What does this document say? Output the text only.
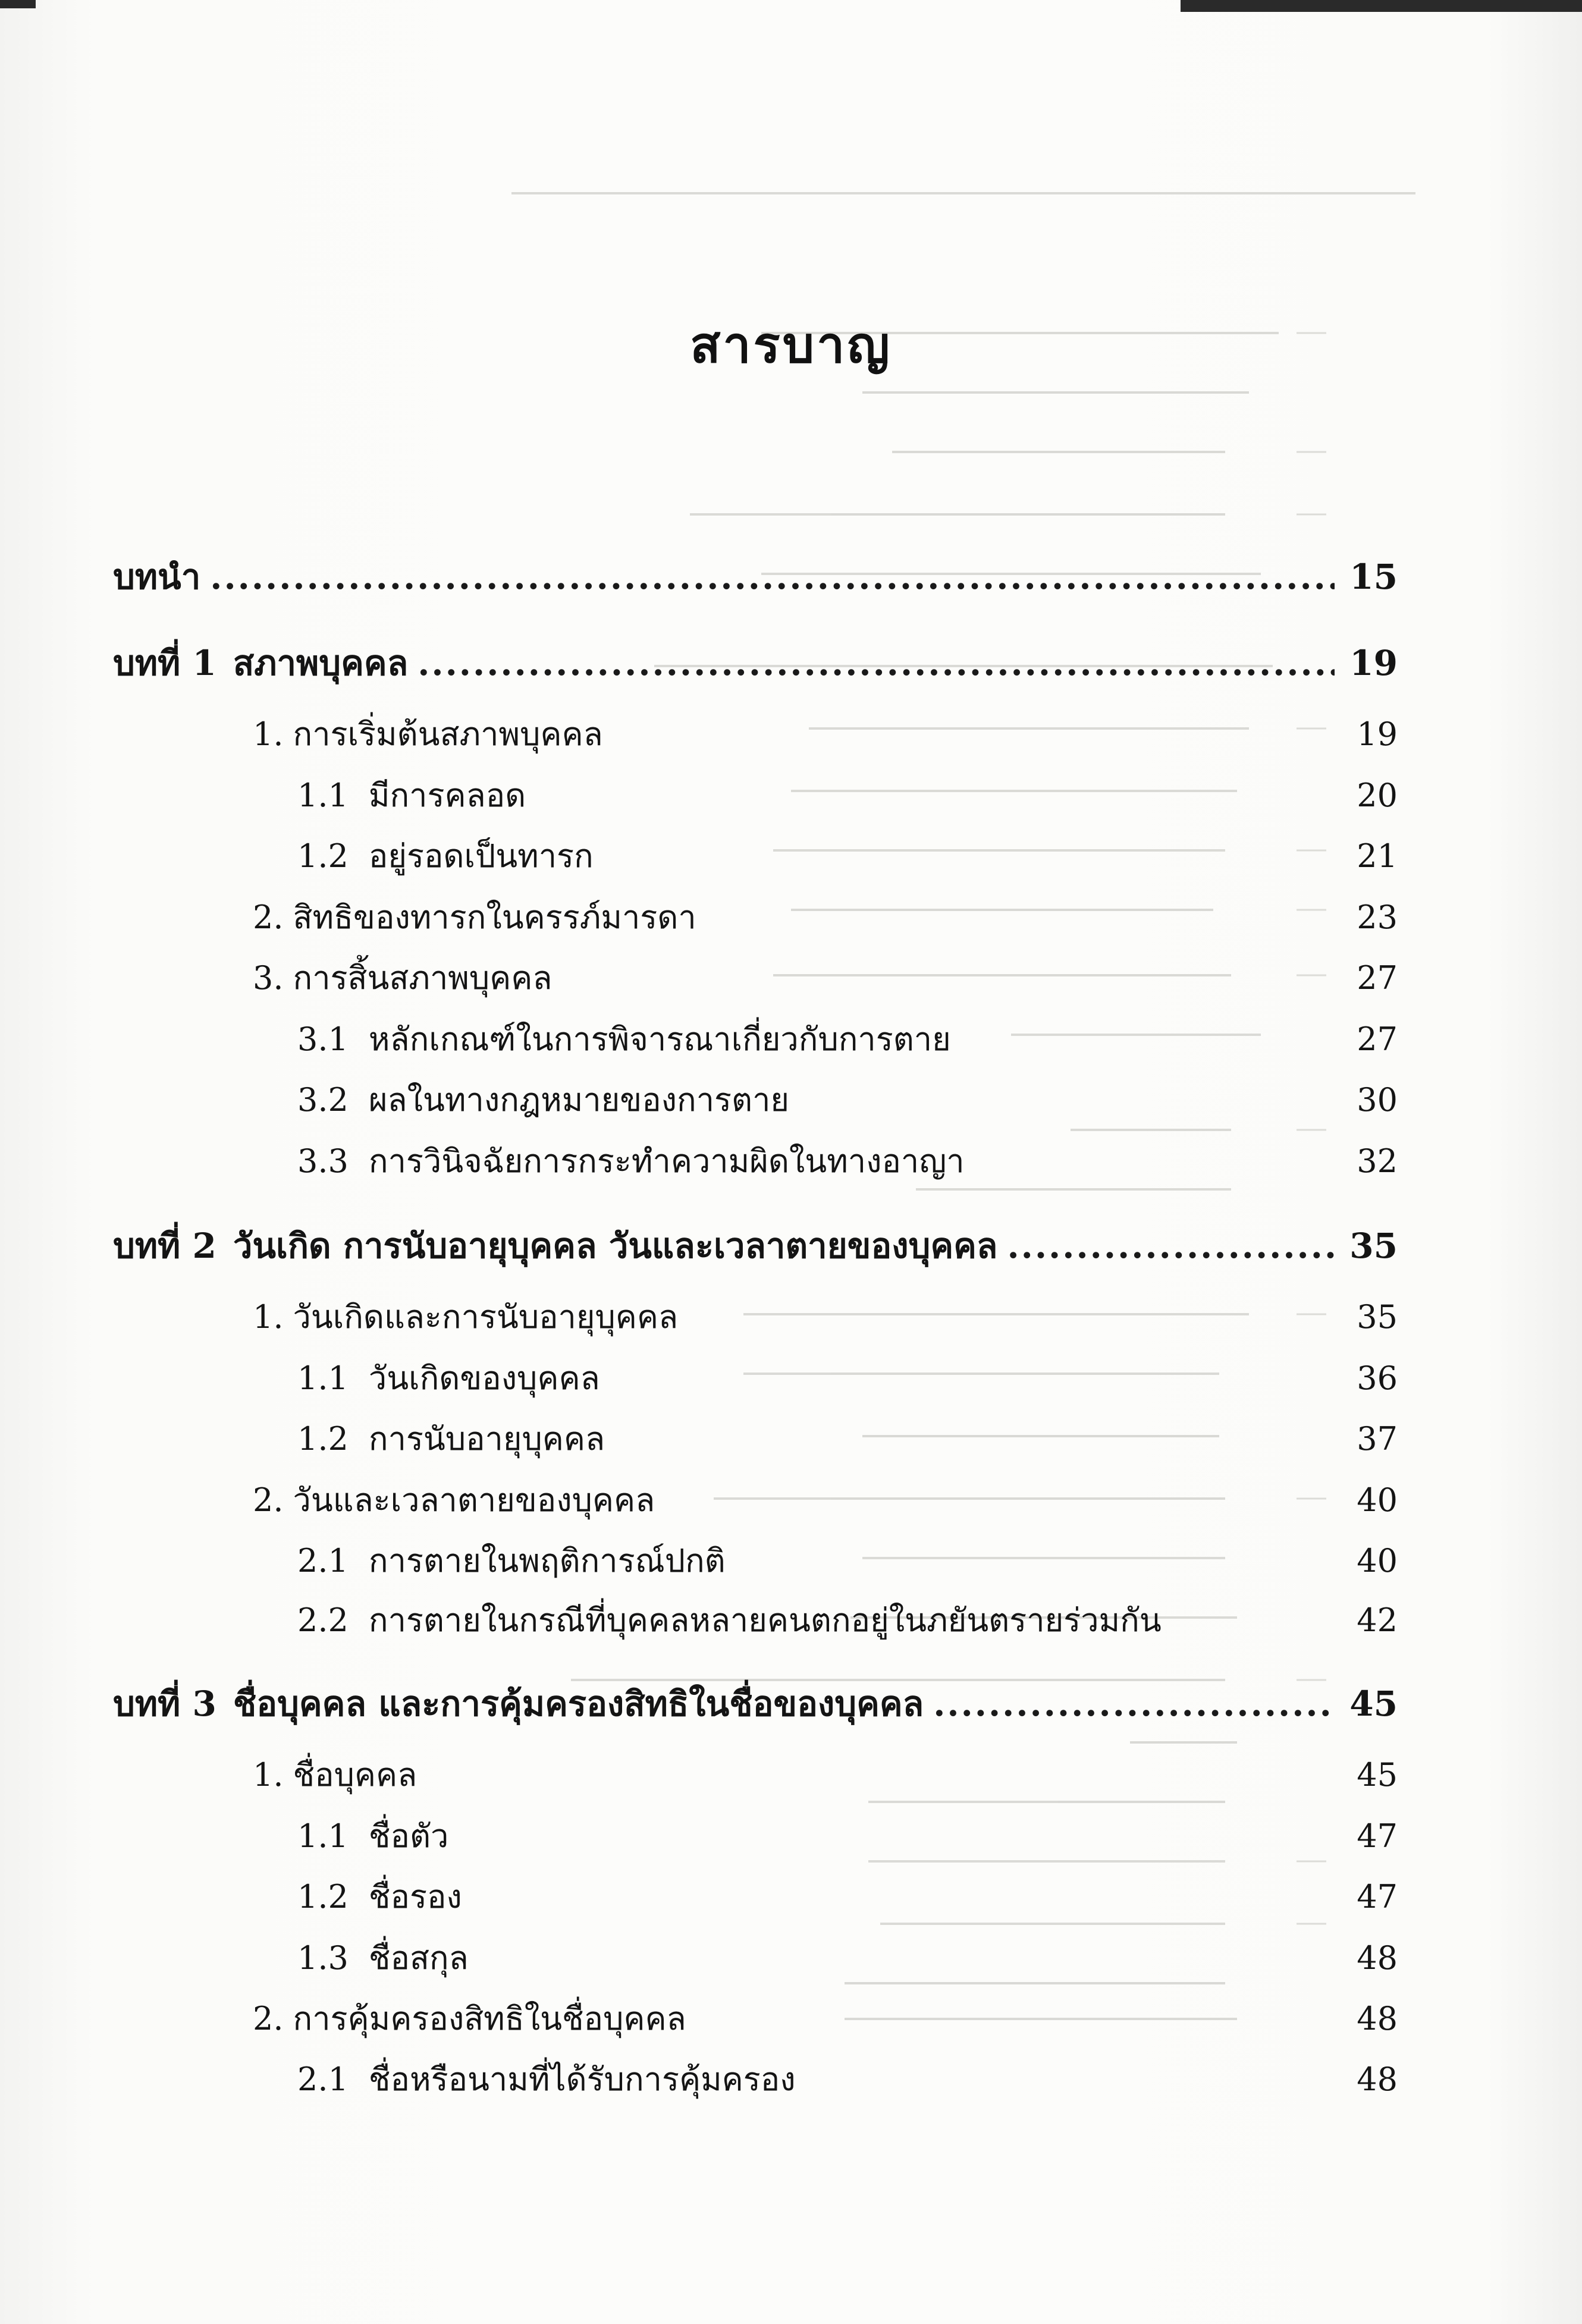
สารบาญ
บทนำ .....	15
บทที่ 1 สภาพบุคคล .....	19
1. การเริ่มต้นสภาพบุคคล	19
1.1 มีการคลอด	20
1.2 อยู่รอดเป็นทารก	21
2. สิทธิของทารกในครรภ์มารดา	23
3. การสิ้นสภาพบุคคล	27
3.1 หลักเกณฑ์ในการพิจารณาเกี่ยวกับการตาย	27
3.2 ผลในทางกฎหมายของการตาย	30
3.3 การวินิจฉัยการกระทำความผิดในทางอาญา	32
บทที่ 2 วันเกิด การนับอายุบุคคล วันและเวลาตายของบุคคล .....	35
1. วันเกิดและการนับอายุบุคคล	35
1.1 วันเกิดของบุคคล	36
1.2 การนับอายุบุคคล	37
2. วันและเวลาตายของบุคคล	40
2.1 การตายในพฤติการณ์ปกติ	40
2.2 การตายในกรณีที่บุคคลหลายคนตกอยู่ในภยันตรายร่วมกัน	42
บทที่ 3 ชื่อบุคคล และการคุ้มครองสิทธิในชื่อของบุคคล .....	45
1. ชื่อบุคคล	45
1.1 ชื่อตัว	47
1.2 ชื่อรอง	47
1.3 ชื่อสกุล	48
2. การคุ้มครองสิทธิในชื่อบุคคล	48
2.1 ชื่อหรือนามที่ได้รับการคุ้มครอง	48
